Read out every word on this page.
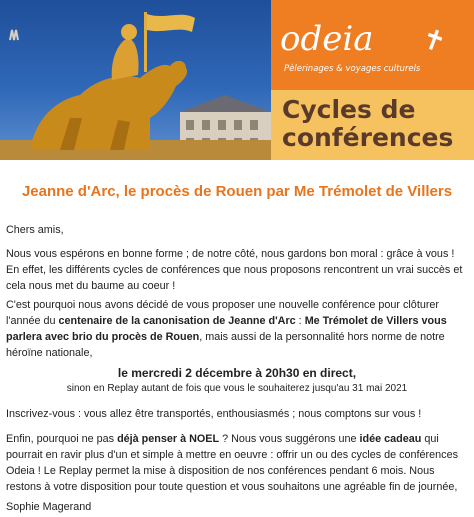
odeia ✝
Pèlerinages & voyages culturels
Cycles de
conférences
Jeanne d'Arc, le procès de Rouen par Me Trémolet de Villers
Chers amis,
Nous vous espérons en bonne forme ; de notre côté, nous gardons bon moral : grâce à vous ! En effet, les différents cycles de conférences que nous proposons rencontrent un vrai succès et cela nous met du baume au coeur !
C'est pourquoi nous avons décidé de vous proposer une nouvelle conférence pour clôturer l'année du centenaire de la canonisation de Jeanne d'Arc : Me Trémolet de Villers vous parlera avec brio du procès de Rouen, mais aussi de la personnalité hors norme de notre héroïne nationale,
le mercredi 2 décembre à 20h30 en direct,
sinon en Replay autant de fois que vous le souhaiterez jusqu'au 31 mai 2021
Inscrivez-vous : vous allez être transportés, enthousiasmés ; nous comptons sur vous !
Enfin, pourquoi ne pas déjà penser à NOEL ? Nous vous suggérons une idée cadeau qui pourrait en ravir plus d'un et simple à mettre en oeuvre : offrir un ou des cycles de conférences Odeia ! Le Replay permet la mise à disposition de nos conférences pendant 6 mois. Nous restons à votre disposition pour toute question et vous souhaitons une agréable fin de journée,
Sophie Magerand
